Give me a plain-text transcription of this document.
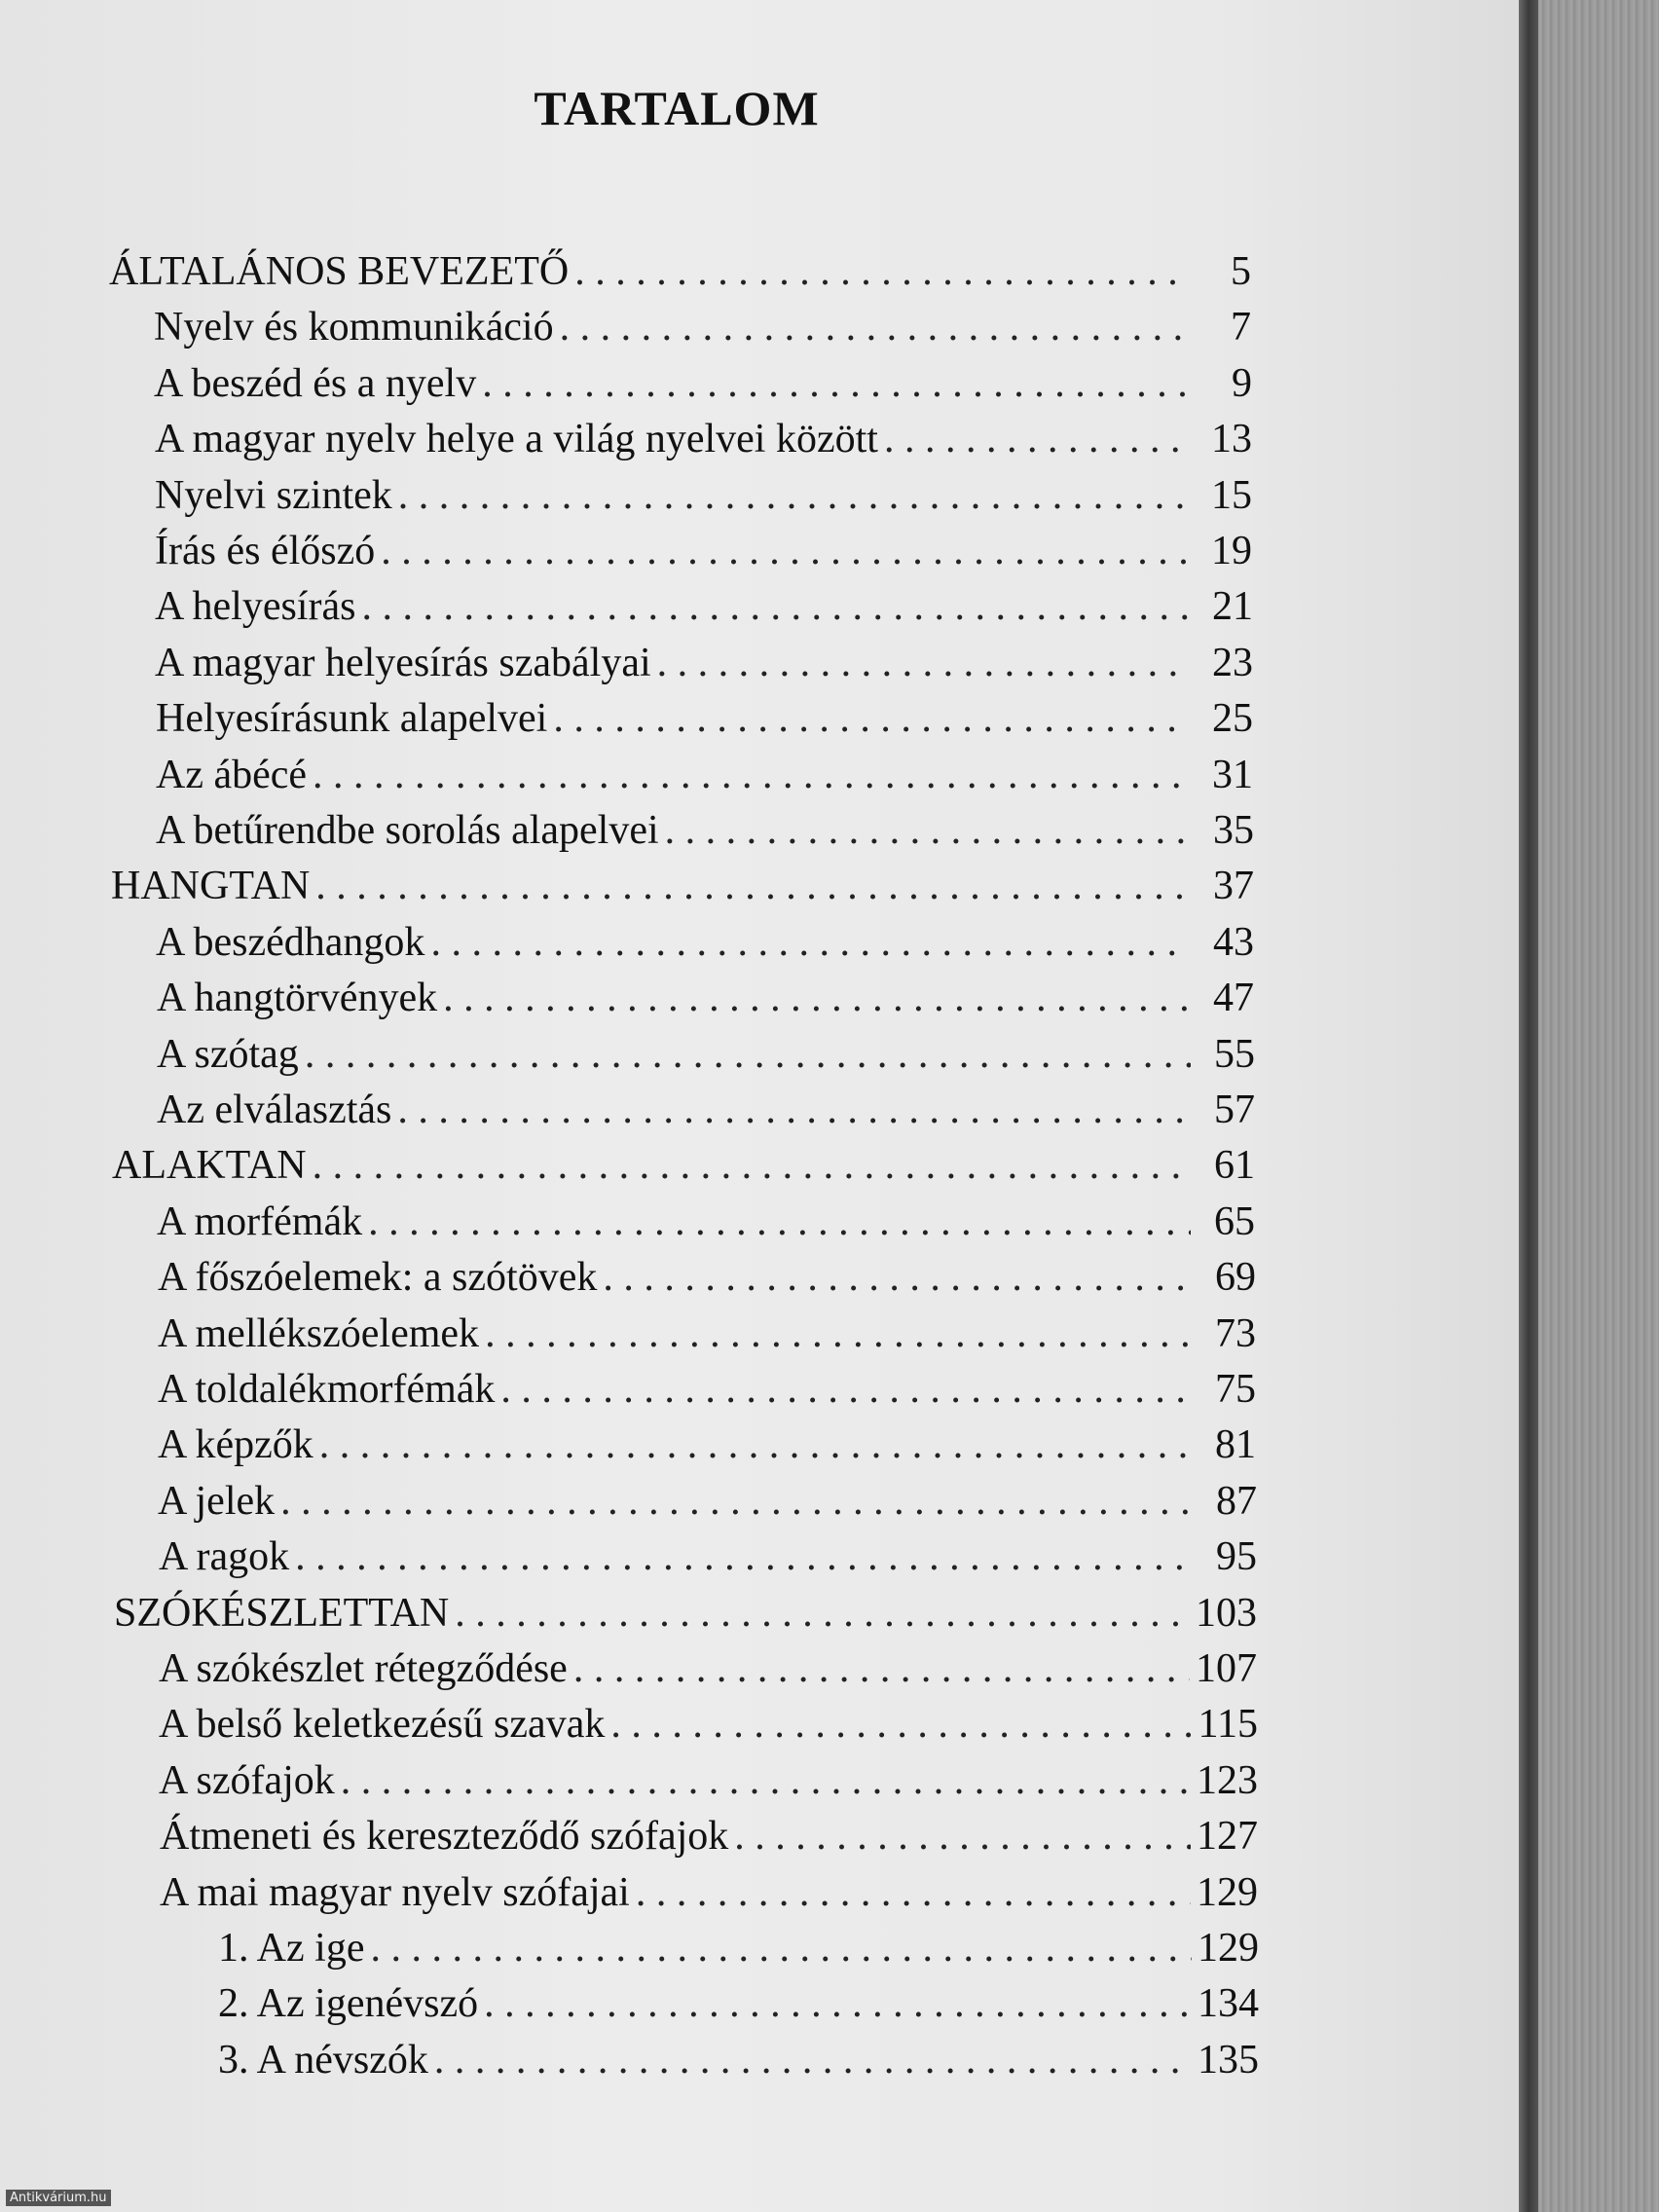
TARTALOM
ÁLTALÁNOS BEVEZETŐ . . .	5
Nyelv és kommunikáció . . .	7
A beszéd és a nyelv . . .	9
A magyar nyelv helye a világ nyelvei között . . .	13
Nyelvi szintek . . .	15
Írás és élőszó . . .	19
A helyesírás . . .	21
A magyar helyesírás szabályai . . .	23
Helyesírásunk alapelvei . . .	25
Az ábécé . . .	31
A betűrendbe sorolás alapelvei . . .	35
HANGTAN . . .	37
A beszédhangok . . .	43
A hangtörvények . . .	47
A szótag . . .	55
Az elválasztás . . .	57
ALAKTAN . . .	61
A morfémák . . .	65
A főszóelemek: a szótövek . . .	69
A mellékszóelemek . . .	73
A toldalékmorfémák . . .	75
A képzők . . .	81
A jelek . . .	87
A ragok . . .	95
SZÓKÉSZLETTAN . . .	103
A szókészlet rétegződése . . .	107
A belső keletkezésű szavak . . .	115
A szófajok . . .	123
Átmeneti és kereszteződő szófajok . . .	127
A mai magyar nyelv szófajai . . .	129
1. Az ige . . .	129
2. Az igenévszó . . .	134
3. A névszók . . .	135
Antikvárium.hu
